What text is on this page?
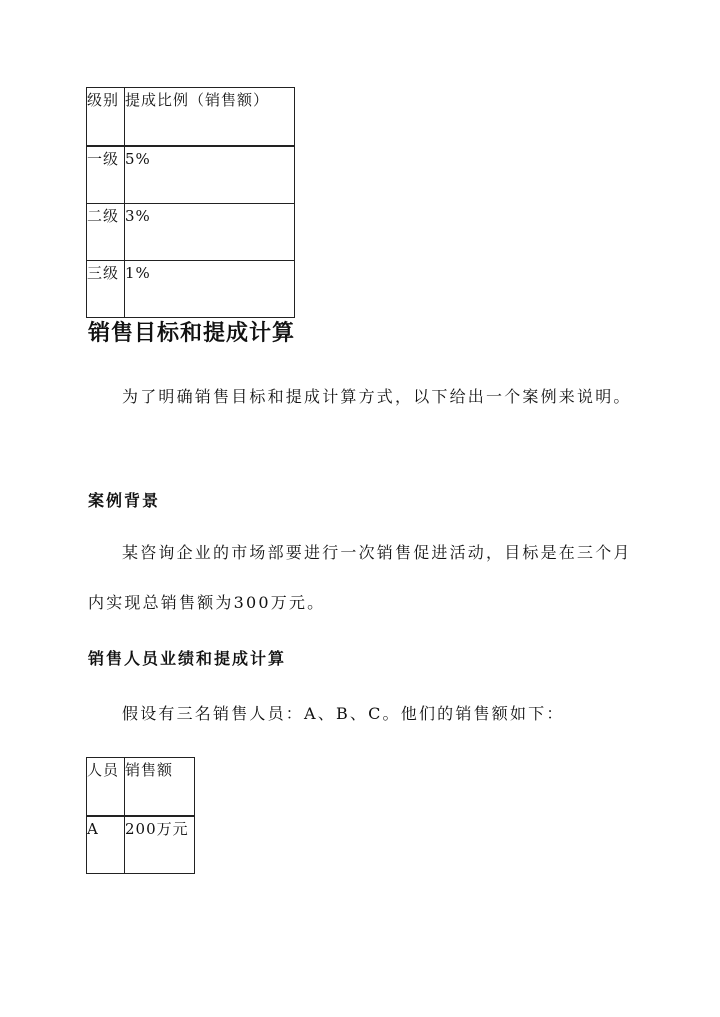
级别	提成比例（销售额）
一级	5%
二级	3%
三级	1%
销售目标和提成计算

为了明确销售目标和提成计算方式，以下给出一个案例来说明。

案例背景

某咨询企业的市场部要进行一次销售促进活动，目标是在三个月内实现总销售额为300万元。

销售人员业绩和提成计算

假设有三名销售人员：A、B、C。他们的销售额如下：

人员	销售额
A	200万元
